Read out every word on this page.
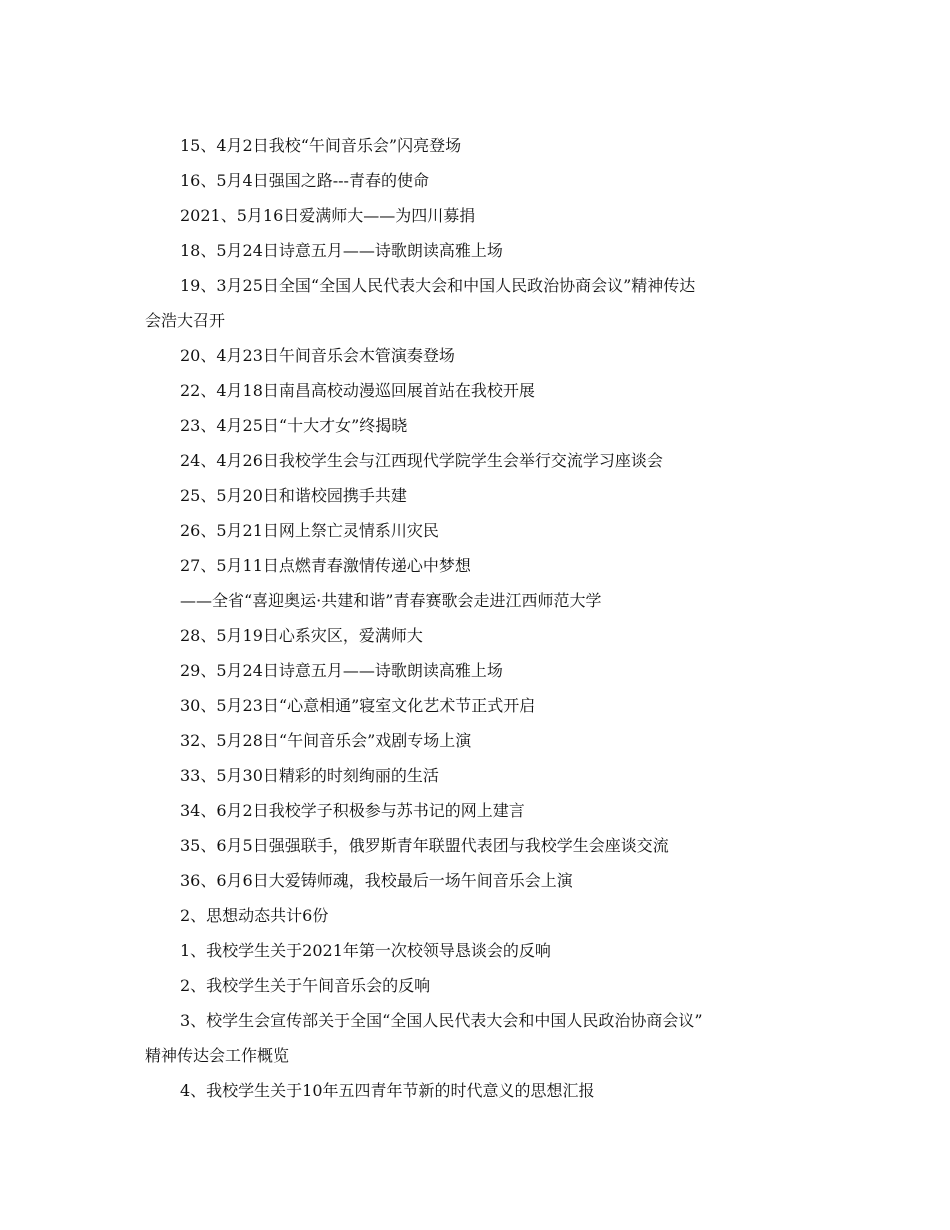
15、4月2日我校“午间音乐会”闪亮登场
16、5月4日强国之路---青春的使命
2021、5月16日爱满师大——为四川募捐
18、5月24日诗意五月——诗歌朗读高雅上场
19、3月25日全国“全国人民代表大会和中国人民政治协商会议”精神传达
会浩大召开
20、4月23日午间音乐会木管演奏登场
22、4月18日南昌高校动漫巡回展首站在我校开展
23、4月25日“十大才女”终揭晓
24、4月26日我校学生会与江西现代学院学生会举行交流学习座谈会
25、5月20日和谐校园携手共建
26、5月21日网上祭亡灵情系川灾民
27、5月11日点燃青春激情传递心中梦想
——全省“喜迎奥运·共建和谐”青春赛歌会走进江西师范大学
28、5月19日心系灾区，爱满师大
29、5月24日诗意五月——诗歌朗读高雅上场
30、5月23日“心意相通”寝室文化艺术节正式开启
32、5月28日“午间音乐会”戏剧专场上演
33、5月30日精彩的时刻绚丽的生活
34、6月2日我校学子积极参与苏书记的网上建言
35、6月5日强强联手，俄罗斯青年联盟代表团与我校学生会座谈交流
36、6月6日大爱铸师魂，我校最后一场午间音乐会上演
2、思想动态共计6份
1、我校学生关于2021年第一次校领导恳谈会的反响
2、我校学生关于午间音乐会的反响
3、校学生会宣传部关于全国“全国人民代表大会和中国人民政治协商会议”
精神传达会工作概览
4、我校学生关于10年五四青年节新的时代意义的思想汇报
